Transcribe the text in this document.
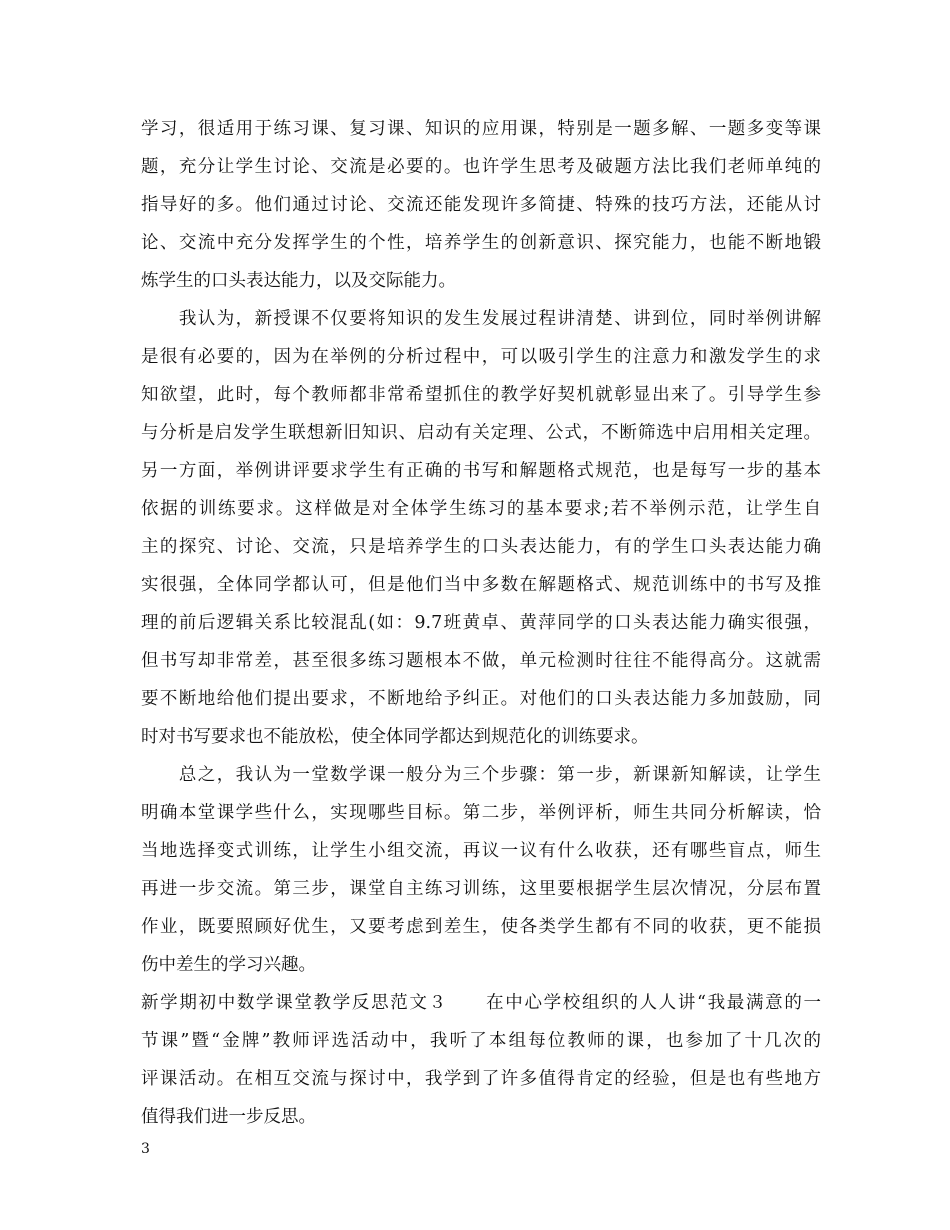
学习，很适用于练习课、复习课、知识的应用课，特别是一题多解、一题多变等课
题，充分让学生讨论、交流是必要的。也许学生思考及破题方法比我们老师单纯的
指导好的多。他们通过讨论、交流还能发现许多简捷、特殊的技巧方法，还能从讨
论、交流中充分发挥学生的个性，培养学生的创新意识、探究能力，也能不断地锻
炼学生的口头表达能力，以及交际能力。
　　我认为，新授课不仅要将知识的发生发展过程讲清楚、讲到位，同时举例讲解
是很有必要的，因为在举例的分析过程中，可以吸引学生的注意力和激发学生的求
知欲望，此时，每个教师都非常希望抓住的教学好契机就彰显出来了。引导学生参
与分析是启发学生联想新旧知识、启动有关定理、公式，不断筛选中启用相关定理。
另一方面，举例讲评要求学生有正确的书写和解题格式规范，也是每写一步的基本
依据的训练要求。这样做是对全体学生练习的基本要求;若不举例示范，让学生自
主的探究、讨论、交流，只是培养学生的口头表达能力，有的学生口头表达能力确
实很强，全体同学都认可，但是他们当中多数在解题格式、规范训练中的书写及推
理的前后逻辑关系比较混乱(如：9.7班黄卓、黄萍同学的口头表达能力确实很强，
但书写却非常差，甚至很多练习题根本不做，单元检测时往往不能得高分。这就需
要不断地给他们提出要求，不断地给予纠正。对他们的口头表达能力多加鼓励，同
时对书写要求也不能放松，使全体同学都达到规范化的训练要求。
　　总之，我认为一堂数学课一般分为三个步骤：第一步，新课新知解读，让学生
明确本堂课学些什么，实现哪些目标。第二步，举例评析，师生共同分析解读，恰
当地选择变式训练，让学生小组交流，再议一议有什么收获，还有哪些盲点，师生
再进一步交流。第三步，课堂自主练习训练，这里要根据学生层次情况，分层布置
作业，既要照顾好优生，又要考虑到差生，使各类学生都有不同的收获，更不能损
伤中差生的学习兴趣。
新学期初中数学课堂教学反思范文３　　在中心学校组织的人人讲“我最满意的一
节课”暨“金牌”教师评选活动中，我听了本组每位教师的课，也参加了十几次的
评课活动。在相互交流与探讨中，我学到了许多值得肯定的经验，但是也有些地方
值得我们进一步反思。
3
